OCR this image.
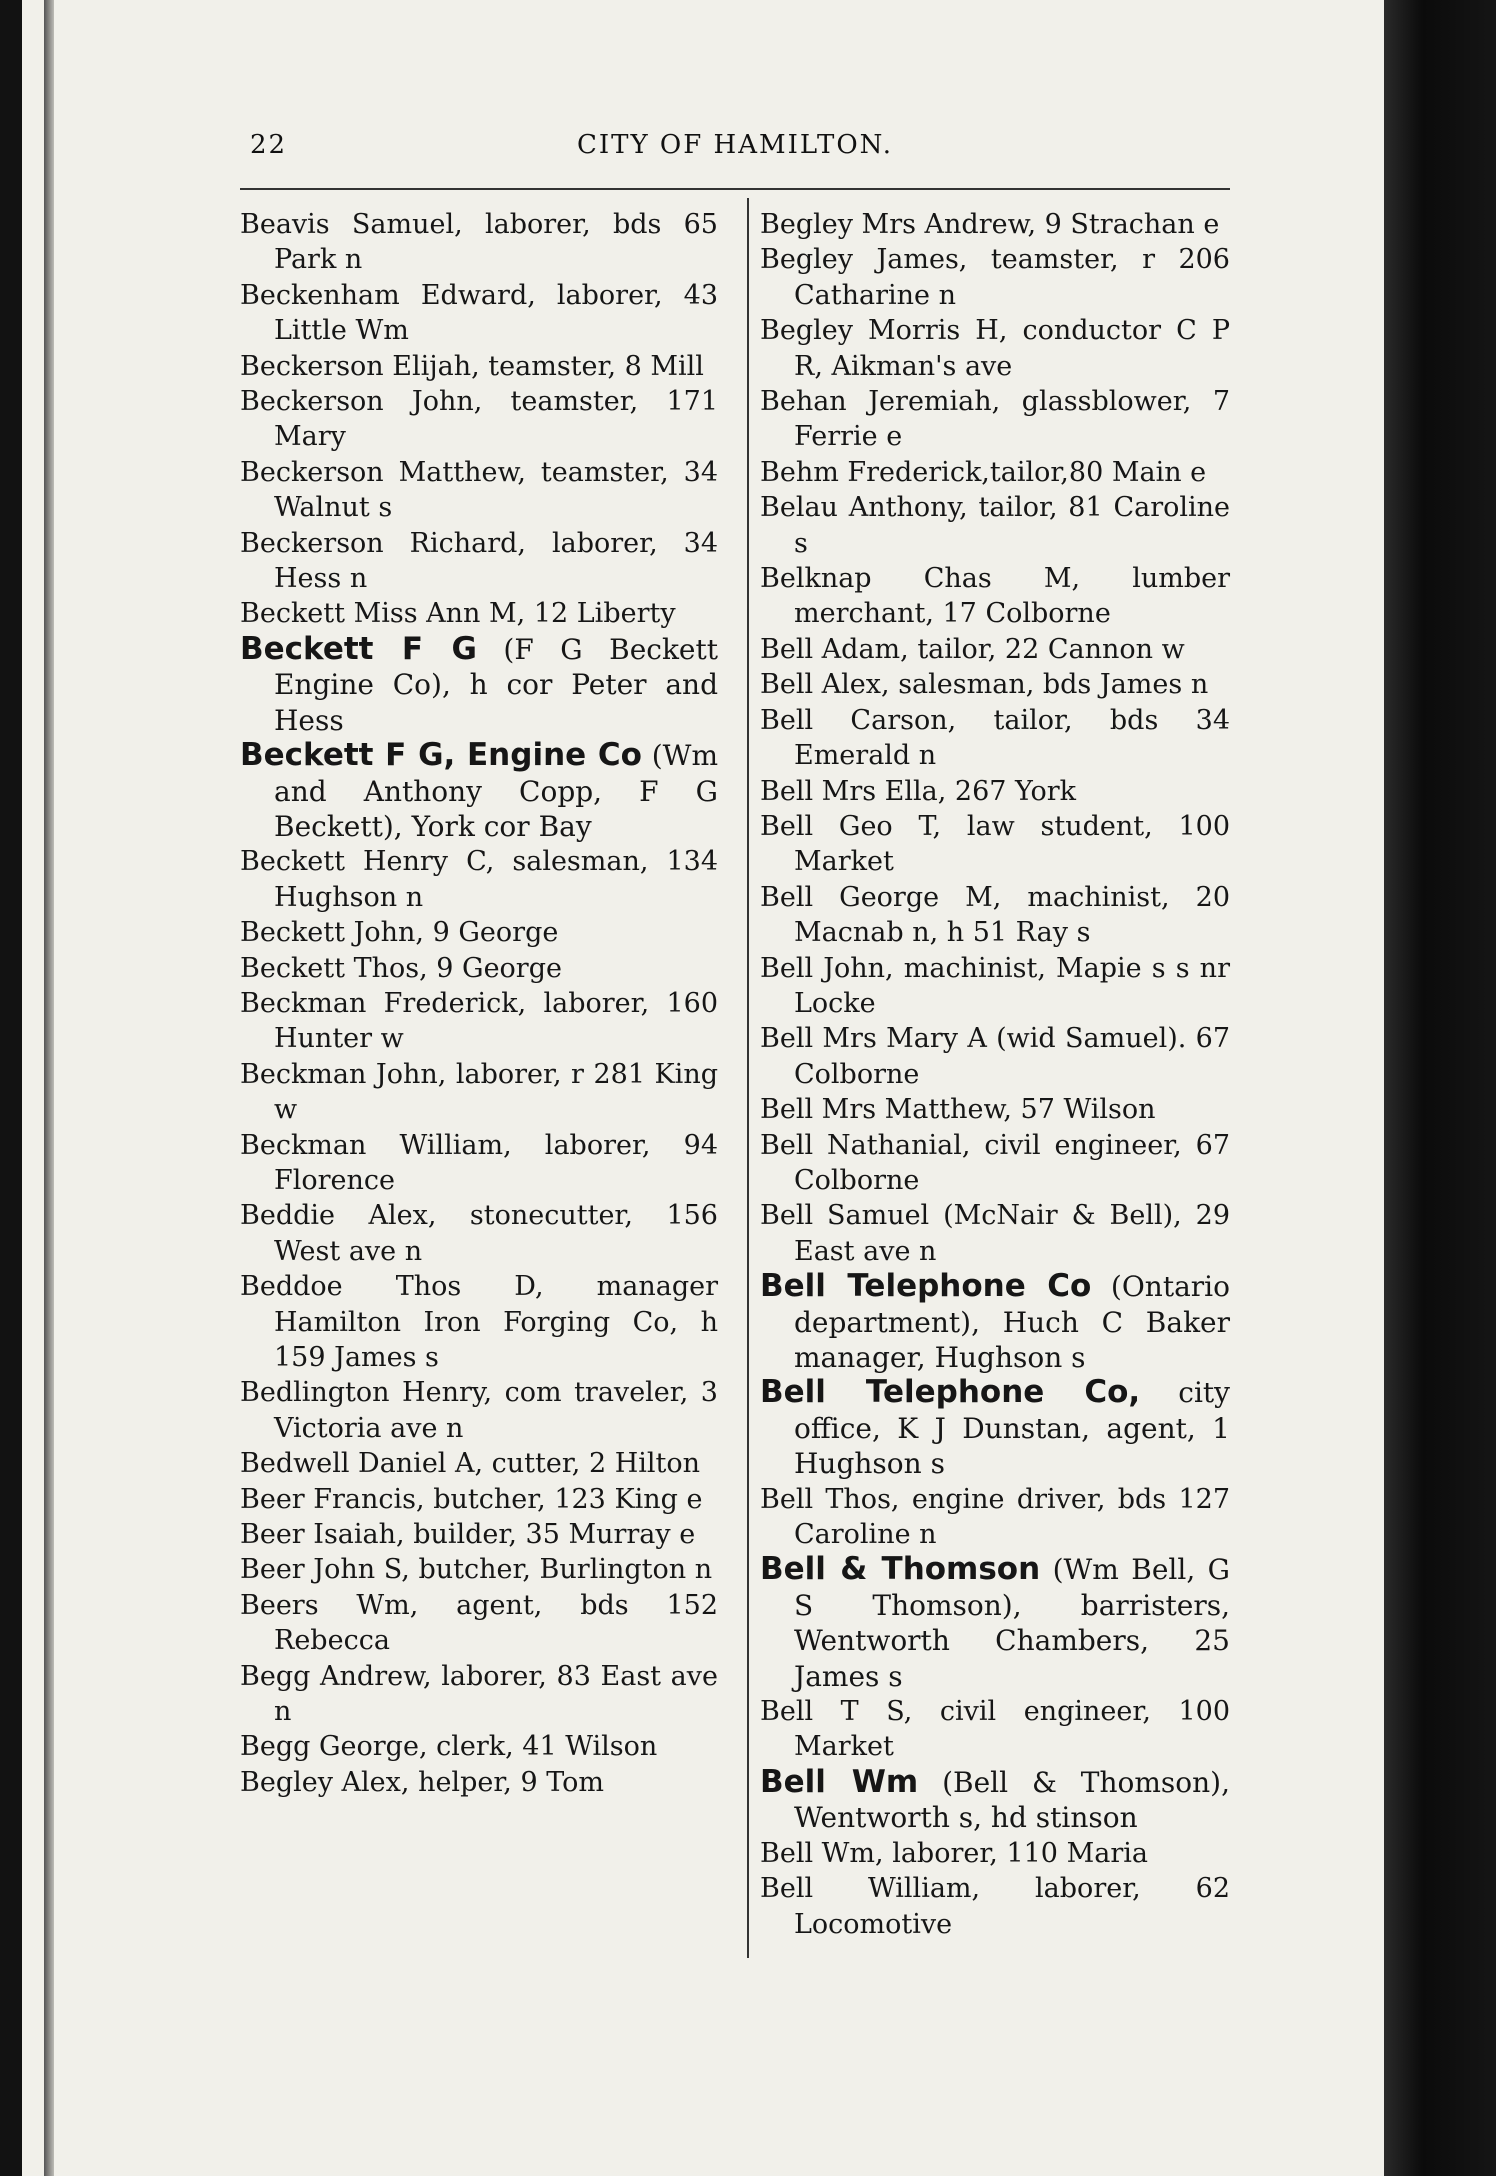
22	CITY OF HAMILTON.

Beavis Samuel, laborer, bds 65 Park n

Beckenham Edward, laborer, 43 Little Wm

Beckerson Elijah, teamster, 8 Mill

Beckerson John, teamster, 171 Mary

Beckerson Matthew, teamster, 34 Walnut s

Beckerson Richard, laborer, 34 Hess n

Beckett Miss Ann M, 12 Liberty

Beckett F G (F G Beckett Engine Co), h cor Peter and Hess

Beckett F G, Engine Co (Wm and Anthony Copp, F G Beckett), York cor Bay

Beckett Henry C, salesman, 134 Hughson n

Beckett John, 9 George

Beckett Thos, 9 George

Beckman Frederick, laborer, 160 Hunter w

Beckman John, laborer, r 281 King w

Beckman William, laborer, 94 Florence

Beddie Alex, stonecutter, 156 West ave n

Beddoe Thos D, manager Hamilton Iron Forging Co, h 159 James s

Bedlington Henry, com traveler, 3 Victoria ave n

Bedwell Daniel A, cutter, 2 Hilton

Beer Francis, butcher, 123 King e

Beer Isaiah, builder, 35 Murray e

Beer John S, butcher, Burlington n

Beers Wm, agent, bds 152 Rebecca

Begg Andrew, laborer, 83 East ave n

Begg George, clerk, 41 Wilson

Begley Alex, helper, 9 Tom

Begley Mrs Andrew, 9 Strachan e

Begley James, teamster, r 206 Catharine n

Begley Morris H, conductor C P R, Aikman's ave

Behan Jeremiah, glassblower, 7 Ferrie e

Behm Frederick,tailor,80 Main e

Belau Anthony, tailor, 81 Caroline s

Belknap Chas M, lumber merchant, 17 Colborne

Bell Adam, tailor, 22 Cannon w

Bell Alex, salesman, bds James n

Bell Carson, tailor, bds 34 Emerald n

Bell Mrs Ella, 267 York

Bell Geo T, law student, 100 Market

Bell George M, machinist, 20 Macnab n, h 51 Ray s

Bell John, machinist, Mapie s s nr Locke

Bell Mrs Mary A (wid Samuel). 67 Colborne

Bell Mrs Matthew, 57 Wilson

Bell Nathanial, civil engineer, 67 Colborne

Bell Samuel (McNair & Bell), 29 East ave n

Bell Telephone Co (Ontario department), Huch C Baker manager, Hughson s

Bell Telephone Co, city office, K J Dunstan, agent, 1 Hughson s

Bell Thos, engine driver, bds 127 Caroline n

Bell & Thomson (Wm Bell, G S Thomson), barristers, Wentworth Chambers, 25 James s

Bell T S, civil engineer, 100 Market

Bell Wm (Bell & Thomson), Wentworth s, hd stinson

Bell Wm, laborer, 110 Maria

Bell William, laborer, 62 Locomotive
